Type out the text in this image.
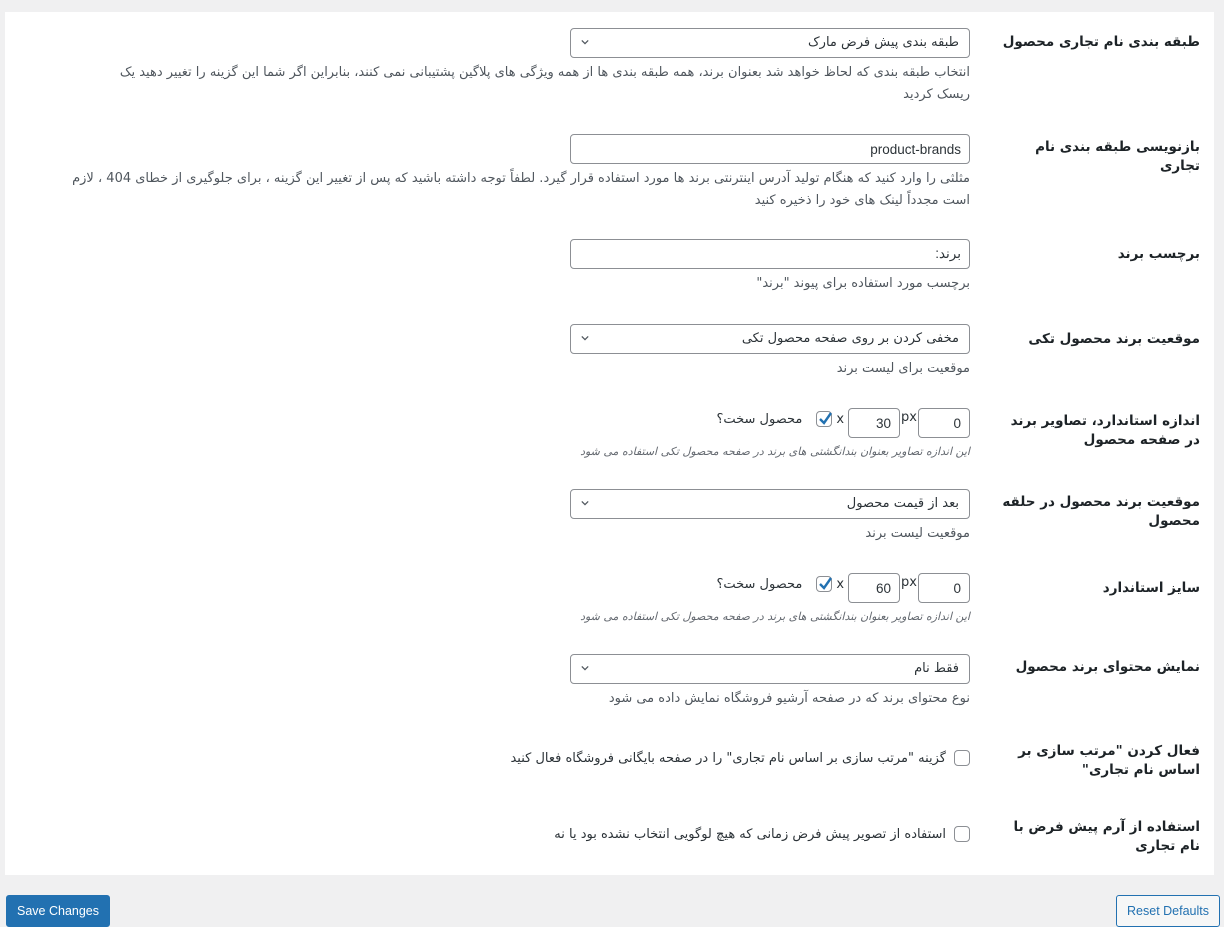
طبقه بندی نام تجاری محصول
طبقه بندی پیش فرض مارک
انتخاب طبقه بندی که لحاظ خواهد شد بعنوان برند، همه طبقه بندی ها از همه ویژگی های پلاگین پشتیبانی نمی کنند، بنابراین اگر شما این گزینه را تغییر دهید یک
ریسک کردید
بازنویسی طبقه بندی نام تجاری
product-brands
مثلثی را وارد کنید که هنگام تولید آدرس اینترنتی برند ها مورد استفاده قرار گیرد. لطفاً توجه داشته باشید که پس از تغییر این گزینه ، برای جلوگیری از خطای 404 ، لازم
است مجدداً لینک های خود را ذخیره کنید
برچسب برند
برند:
برچسب مورد استفاده برای پیوند "برند"
موقعیت برند محصول تکی
مخفی کردن بر روی صفحه محصول تکی
موقعیت برای لیست برند
اندازه استاندارد، تصاویر برند در صفحه محصول
0
px
30
x
محصول سخت؟
این اندازه تصاویر بعنوان بندانگشتی های برند در صفحه محصول تکی استفاده می شود
موقعیت برند محصول در حلقه محصول
بعد از قیمت محصول
موقعیت لیست برند
سایز استاندارد
0
px
60
x
محصول سخت؟
این اندازه تصاویر بعنوان بندانگشتی های برند در صفحه محصول تکی استفاده می شود
نمایش محتوای برند محصول
فقط نام
نوع محتوای برند که در صفحه آرشیو فروشگاه نمایش داده می شود
فعال کردن "مرتب سازی بر اساس نام تجاری"
گزینه "مرتب سازی بر اساس نام تجاری" را در صفحه بایگانی فروشگاه فعال کنید
استفاده از آرم پیش فرض با نام تجاری
استفاده از تصویر پیش فرض زمانی که هیچ لوگویی انتخاب نشده بود یا نه
Save Changes	Reset Defaults
